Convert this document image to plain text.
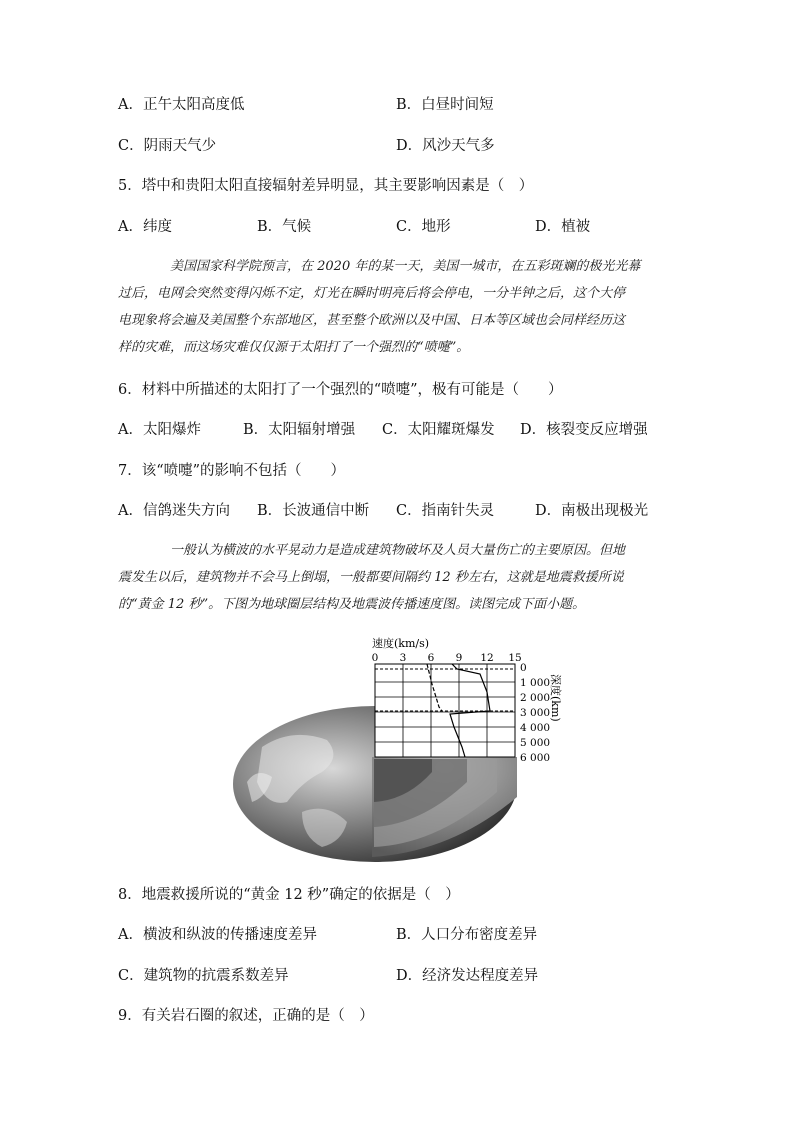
A．正午太阳高度低	B．白昼时间短
C．阴雨天气少	D．风沙天气多
5．塔中和贵阳太阳直接辐射差异明显，其主要影响因素是（　）
A．纬度	B．气候	C．地形	D．植被
美国国家科学院预言，在 2020 年的某一天，美国一城市，在五彩斑斓的极光光幕
过后，电网会突然变得闪烁不定，灯光在瞬时明亮后将会停电，一分半钟之后，这个大停
电现象将会遍及美国整个东部地区，甚至整个欧洲以及中国、日本等区域也会同样经历这
样的灾难，而这场灾难仅仅源于太阳打了一个强烈的“喷嚏”。
6．材料中所描述的太阳打了一个强烈的“喷嚏”，极有可能是（　　）
A．太阳爆炸	B．太阳辐射增强 C．太阳耀斑爆发 D．核裂变反应增强
7．该“喷嚏”的影响不包括（　　）
A．信鸽迷失方向 B．长波通信中断 C．指南针失灵	D．南极出现极光
一般认为横波的水平晃动力是造成建筑物破坏及人员大量伤亡的主要原因。但地
震发生以后，建筑物并不会马上倒塌，一般都要间隔约 12 秒左右，这就是地震救援所说
的“黄金 12 秒”。下图为地球圈层结构及地震波传播速度图。读图完成下面小题。
速度(km/s)
0 3 6 9 12 15
0
1 000
2 000
3 000
4 000
5 000
6 000
深度(km)
8．地震救援所说的“黄金 12 秒”确定的依据是（　）
A．横波和纵波的传播速度差异	B．人口分布密度差异
C．建筑物的抗震系数差异	D．经济发达程度差异
9．有关岩石圈的叙述，正确的是（　）
